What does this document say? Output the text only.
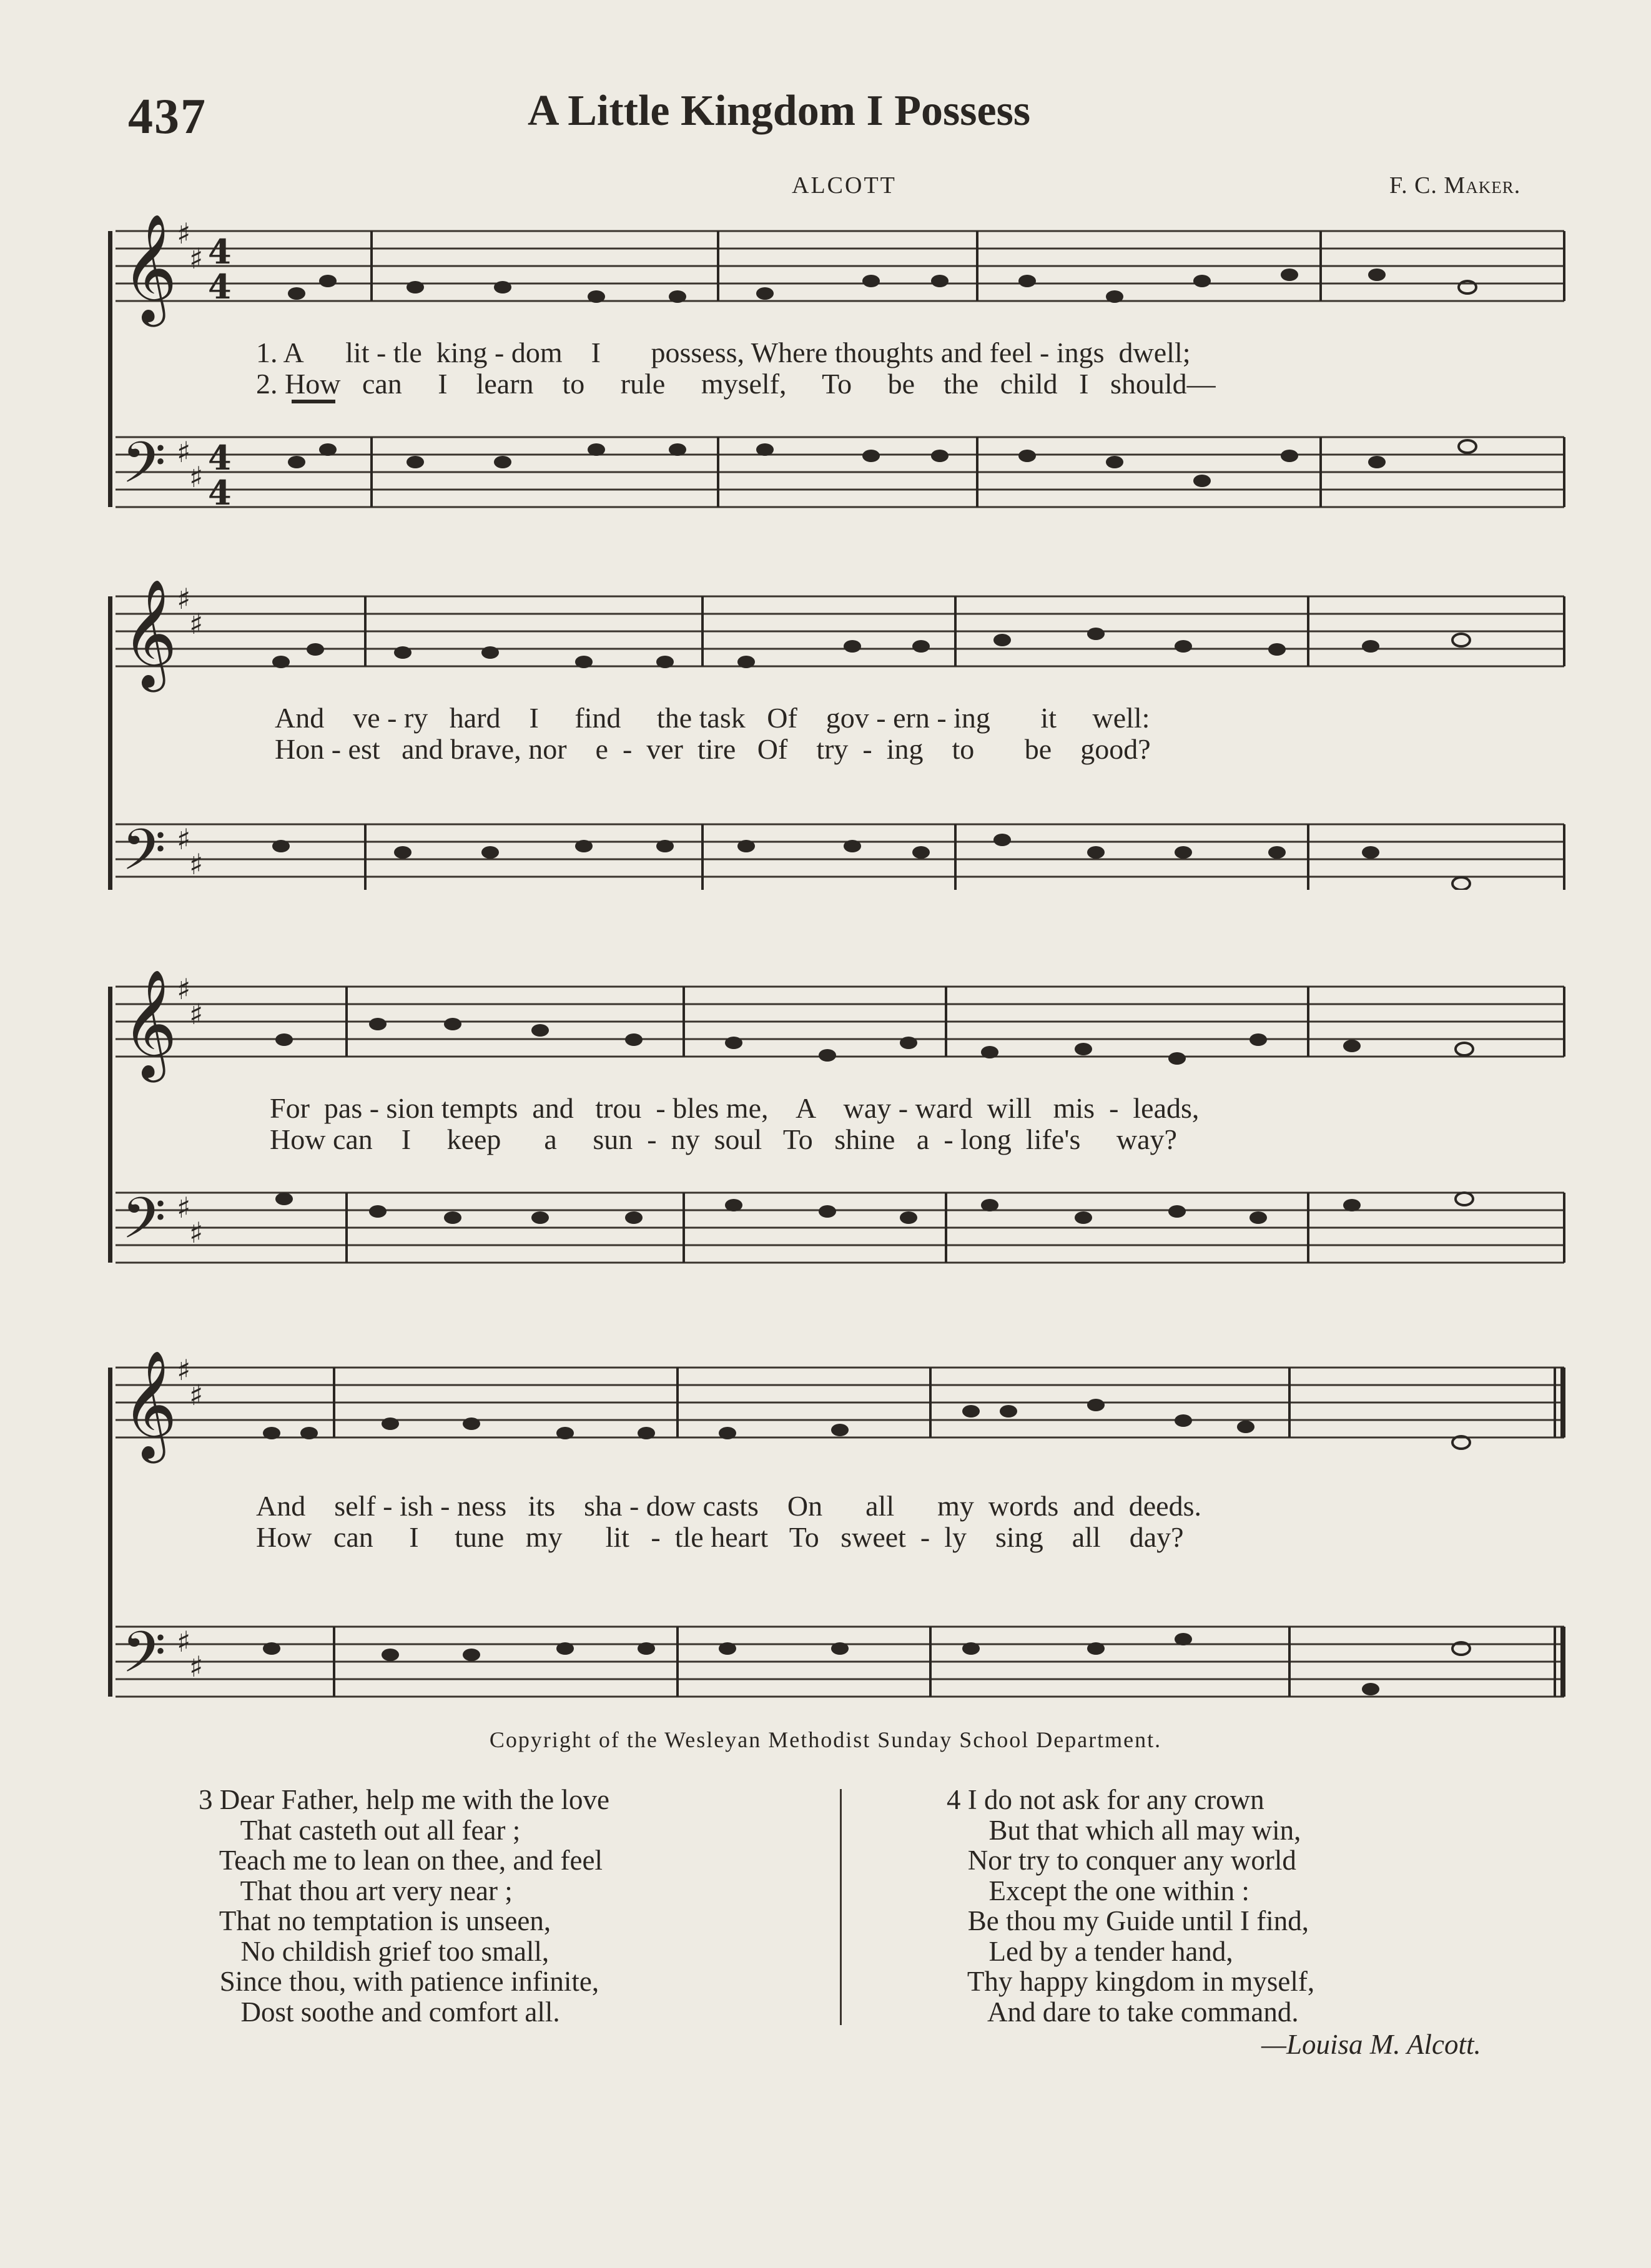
437	A Little Kingdom I Possess
ALCOTT	F. C. Maker.
𝄞
𝄢
♯
♯
♯
♯
4
4
4
4
1. A      lit - tle  king - dom    I       possess, Where thoughts and feel - ings  dwell;
2. How   can     I    learn    to     rule     myself,     To     be    the   child   I   should—
𝄞
𝄢
♯
♯
♯
♯
And    ve - ry   hard    I     find     the task   Of    gov - ern - ing       it     well:
Hon - est   and brave, nor    e  -  ver  tire   Of    try  -  ing    to       be    good?
𝄞
𝄢
♯
♯
♯
♯
For  pas - sion tempts  and   trou  - bles me,    A    way - ward  will   mis  -  leads,
How can    I     keep      a     sun  -  ny  soul   To   shine   a  - long  life's     way?
𝄞
𝄢
♯
♯
♯
♯
And    self - ish - ness   its    sha - dow casts    On      all      my  words  and  deeds.
How   can     I     tune   my      lit   -  tle heart   To   sweet  -  ly    sing    all    day?
Copyright of the Wesleyan Methodist Sunday School Department.
3 Dear Father, help me with the love
That casteth out all fear ;
Teach me to lean on thee, and feel
That thou art very near ;
That no temptation is unseen,
No childish grief too small,
Since thou, with patience infinite,
Dost soothe and comfort all.
4 I do not ask for any crown
But that which all may win,
Nor try to conquer any world
Except the one within :
Be thou my Guide until I find,
Led by a tender hand,
Thy happy kingdom in myself,
And dare to take command.
—Louisa M. Alcott.
